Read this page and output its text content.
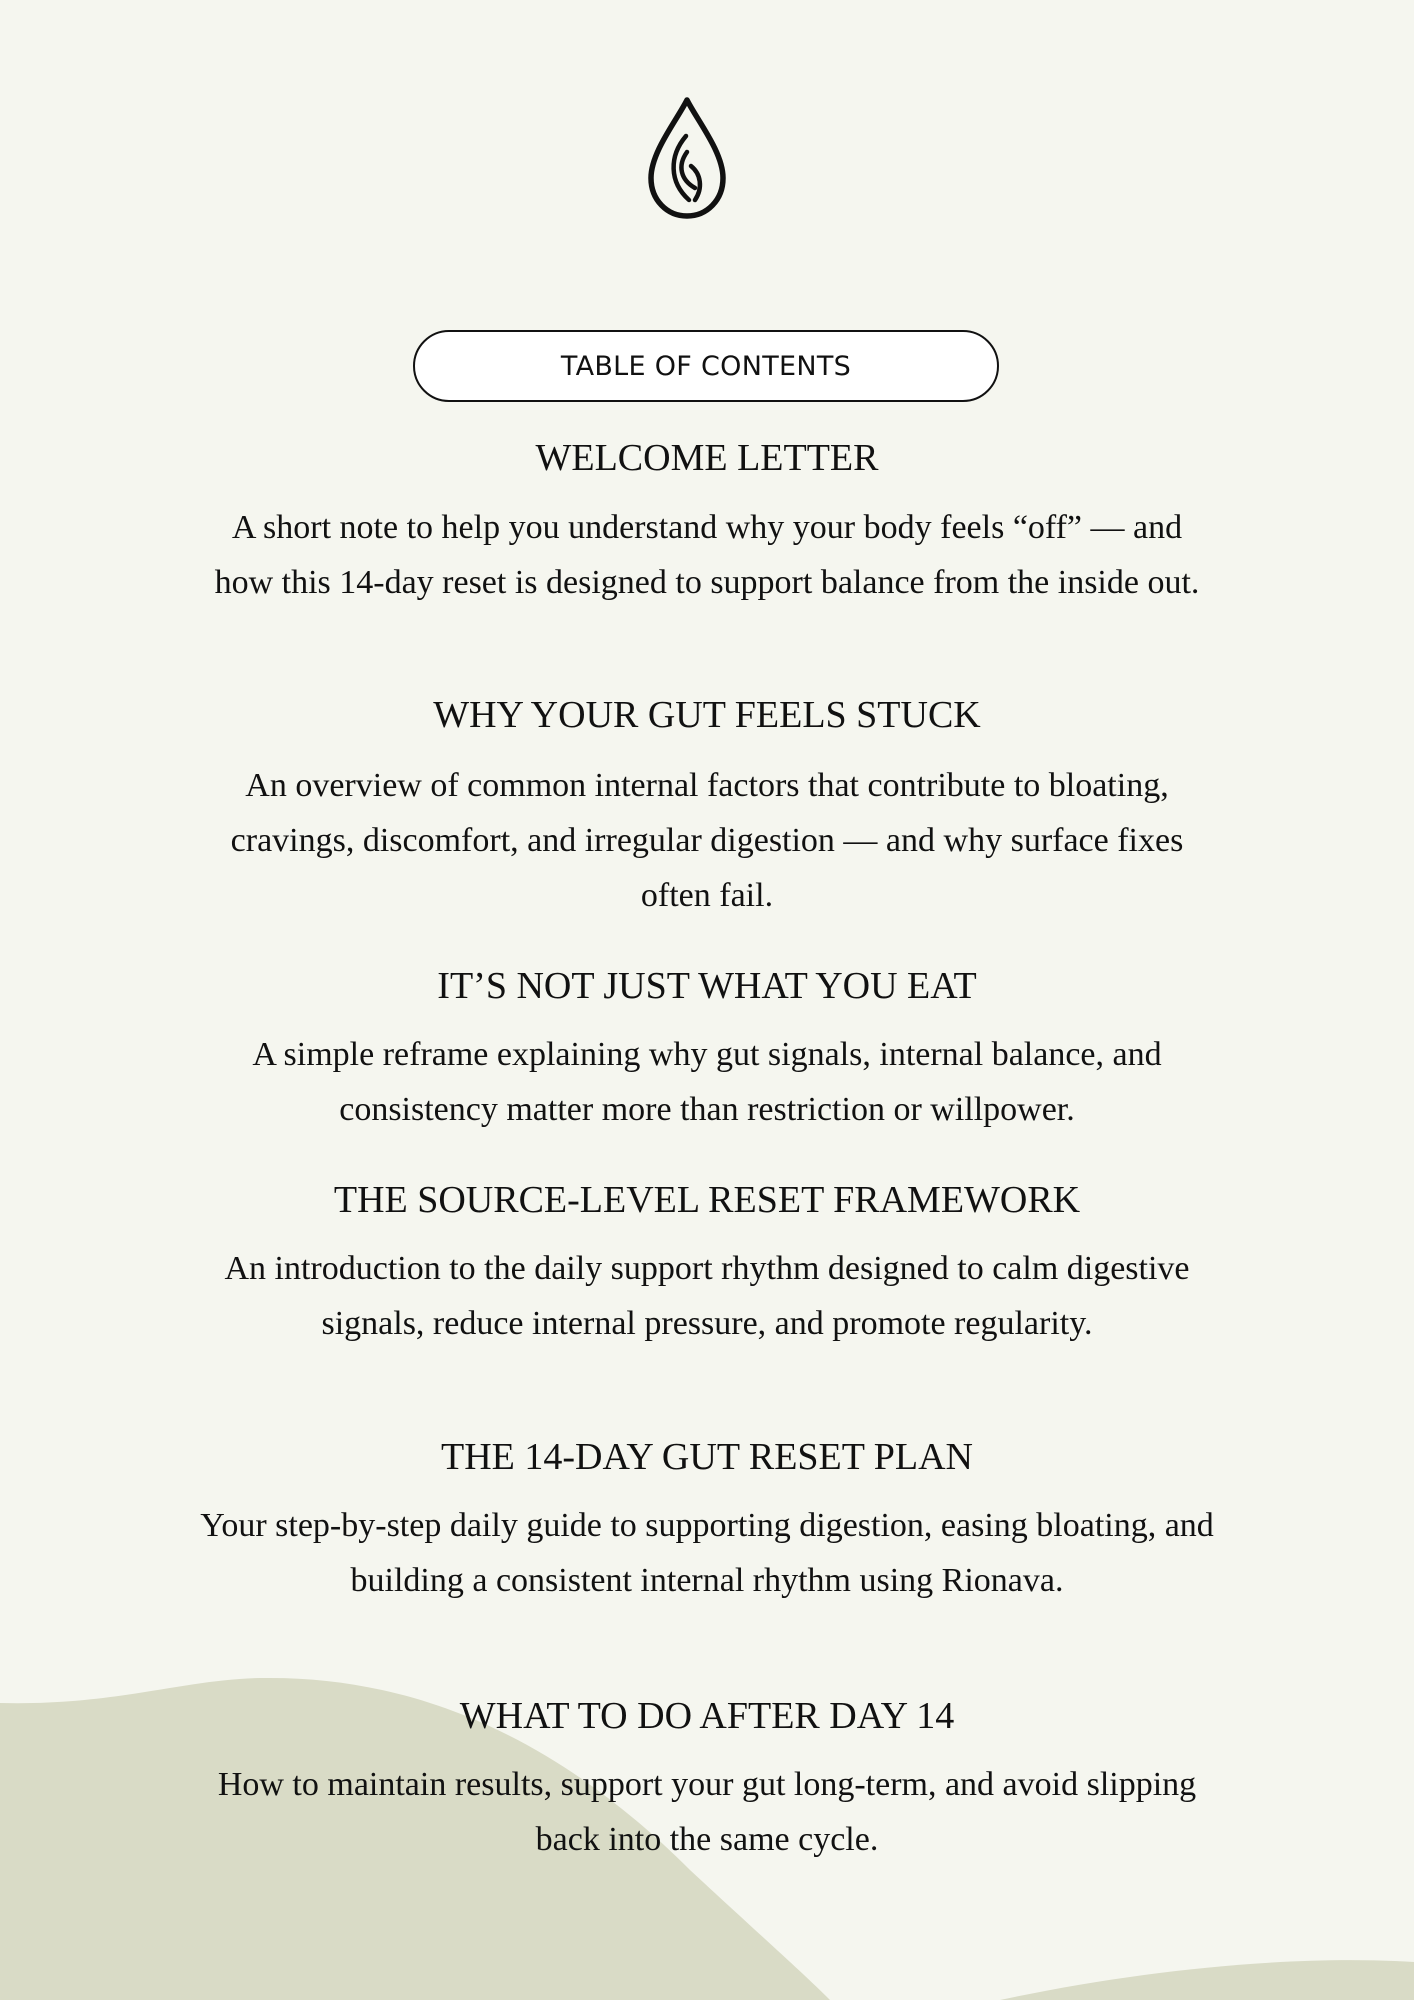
TABLE OF CONTENTS
WELCOME LETTER
A short note to help you understand why your body feels “off” — and how this 14-day reset is designed to support balance from the inside out.
WHY YOUR GUT FEELS STUCK
An overview of common internal factors that contribute to bloating, cravings, discomfort, and irregular digestion — and why surface fixes often fail.
IT’S NOT JUST WHAT YOU EAT
A simple reframe explaining why gut signals, internal balance, and consistency matter more than restriction or willpower.
THE SOURCE-LEVEL RESET FRAMEWORK
An introduction to the daily support rhythm designed to calm digestive signals, reduce internal pressure, and promote regularity.
THE 14-DAY GUT RESET PLAN
Your step-by-step daily guide to supporting digestion, easing bloating, and building a consistent internal rhythm using Rionava.
WHAT TO DO AFTER DAY 14
How to maintain results, support your gut long-term, and avoid slipping back into the same cycle.
